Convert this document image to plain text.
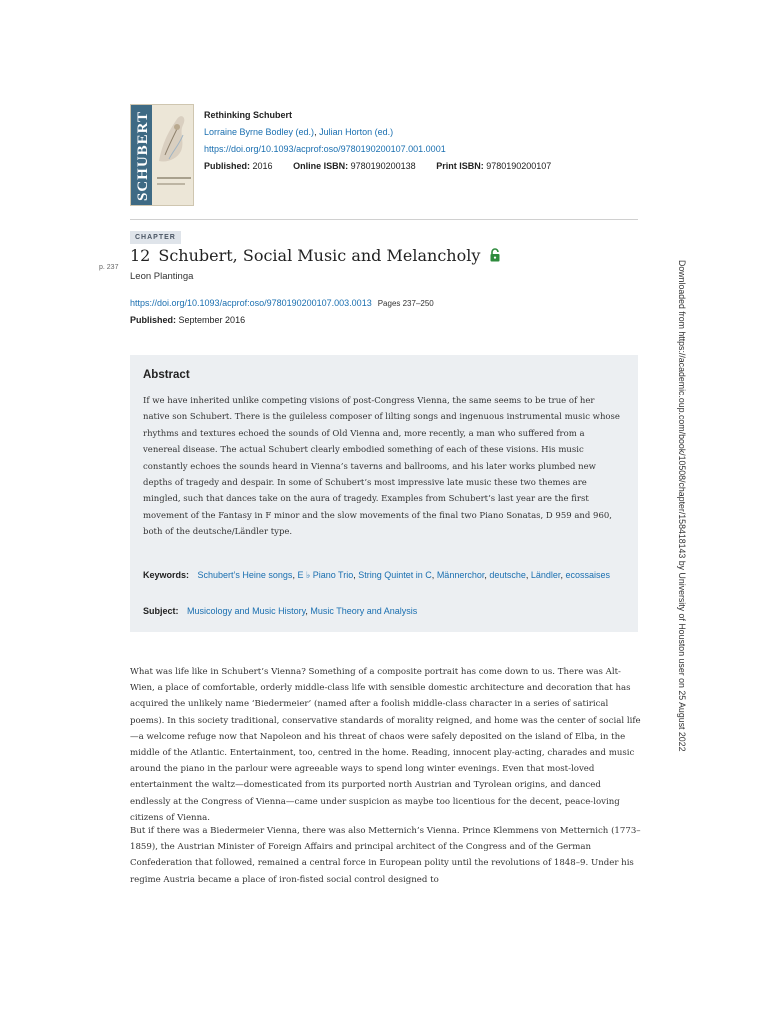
SCHUBERT	Rethinking Schubert
Lorraine Byrne Bodley (ed.), Julian Horton (ed.)
https://doi.org/10.1093/acprof:oso/9780190200107.001.0001
Published: 2016 Online ISBN: 9780190200138 Print ISBN: 9780190200107
CHAPTER
p. 237
12 Schubert, Social Music and Melancholy
Leon Plantinga
https://doi.org/10.1093/acprof:oso/9780190200107.003.0013 Pages 237–250
Published: September 2016
Abstract

If we have inherited unlike competing visions of post-Congress Vienna, the same seems to be true of her native son Schubert. There is the guileless composer of lilting songs and ingenuous instrumental music whose rhythms and textures echoed the sounds of Old Vienna and, more recently, a man who suffered from a venereal disease. The actual Schubert clearly embodied something of each of these visions. His music constantly echoes the sounds heard in Vienna’s taverns and ballrooms, and his later works plumbed new depths of tragedy and despair. In some of Schubert’s most impressive late music these two themes are mingled, such that dances take on the aura of tragedy. Examples from Schubert’s last year are the first movement of the Fantasy in F minor and the slow movements of the final two Piano Sonatas, D 959 and 960, both of the deutsche/Ländler type.

Keywords: Schubert’s Heine songs, E ♭ Piano Trio, String Quintet in C, Männerchor, deutsche, Ländler, ecossaises
Subject: Musicology and Music History, Music Theory and Analysis

What was life like in Schubert’s Vienna? Something of a composite portrait has come down to us. There was Alt-Wien, a place of comfortable, orderly middle-class life with sensible domestic architecture and decoration that has acquired the unlikely name ‘Biedermeier’ (named after a foolish middle-class character in a series of satirical poems). In this society traditional, conservative standards of morality reigned, and home was the center of social life—a welcome refuge now that Napoleon and his threat of chaos were safely deposited on the island of Elba, in the middle of the Atlantic. Entertainment, too, centred in the home. Reading, innocent play-acting, charades and music around the piano in the parlour were agreeable ways to spend long winter evenings. Even that most-loved entertainment the waltz—domesticated from its purported north Austrian and Tyrolean origins, and danced endlessly at the Congress of Vienna—came under suspicion as maybe too licentious for the decent, peace-loving citizens of Vienna.

But if there was a Biedermeier Vienna, there was also Metternich’s Vienna. Prince Klemmens von Metternich (1773–1859), the Austrian Minister of Foreign Affairs and principal architect of the Congress and of the German Confederation that followed, remained a central force in European polity until the revolutions of 1848–9. Under his regime Austria became a place of iron-fisted social control designed to

Downloaded from https://academic.oup.com/book/10508/chapter/158418143 by University of Houston user on 25 August 2022
